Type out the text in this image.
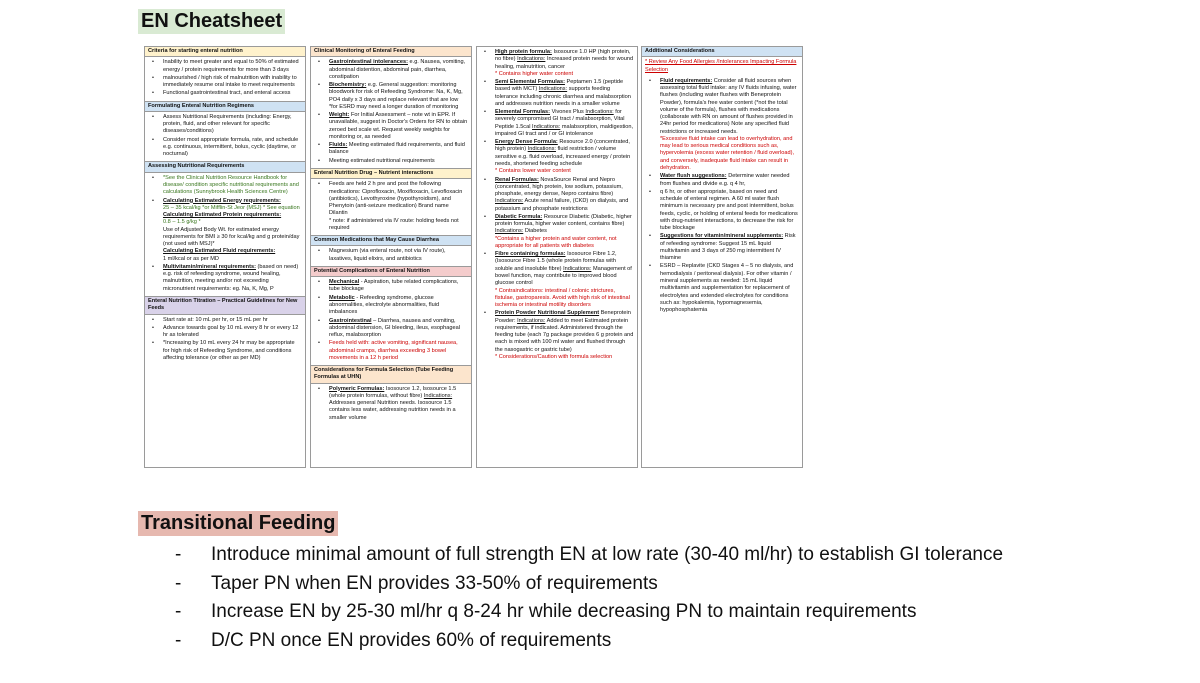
EN Cheatsheet
Criteria for starting enteral nutrition
• Inability to meet greater and equal to 50% of estimated energy / protein requirements for more than 3 days
• malnourished / high risk of malnutrition with inability to immediately resume oral intake to meet requirements
• Functional gastrointestinal tract, and enteral access
Formulating Enteral Nutrition Regimens
• Assess Nutritional Requirements (including: Energy, protein, fluid, and other relevant for specific diseases/conditions)
• Consider most appropriate formula, rate, and schedule e.g. continuous, intermittent, bolus, cyclic (daytime, or nocturnal)
Assessing Nutritional Requirements
• *See the Clinical Nutrition Resource Handbook for disease/ condition specific nutritional requirements and calculations (Sunnybrook Health Sciences Centre)
• Calculating Estimated Energy requirements:
25 – 35 kcal/kg *or Mifflin-St Jeor (MSJ) * See equation
Calculating Estimated Protein requirements:
0.8 – 1.5 g/kg *
Use of Adjusted Body Wt. for estimated energy requirements for BMI ≥ 30 for kcal/kg and g protein/day (not used with MSJ)*
Calculating Estimated Fluid requirements:
1 ml/kcal or as per MD
• Multivitamin/mineral requirements: (based on need) e.g. risk of refeeding syndrome, wound healing, malnutrition, meeting and/or not exceeding micronutrient requirements: eg. Na, K, Mg, P
Enteral Nutrition Titration – Practical Guidelines for New Feeds
• Start rate at: 10 mL per hr, or 15 mL per hr
• Advance towards goal by 10 mL every 8 hr or every 12 hr as tolerated
• *Increasing by 10 mL every 24 hr may be appropriate for high risk of Refeeding Syndrome, and conditions affecting tolerance (or other as per MD)
Clinical Monitoring of Enteral Feeding
• Gastrointestinal intolerances: e.g. Nausea, vomiting, abdominal distention, abdominal pain, diarrhea, constipation
• Biochemistry: e.g. General suggestion: monitoring bloodwork for risk of Refeeding Syndrome: Na, K, Mg, PO4 daily x 3 days and replace relevant that are low *for ESRD may need a longer duration of monitoring
• Weight: For Initial Assessment – note wt in EPR. If unavailable, suggest in Doctor's Orders for RN to obtain zeroed bed scale wt. Request weekly weights for monitoring or, as needed
• Fluids: Meeting estimated fluid requirements, and fluid balance
• Meeting estimated nutritional requirements
Enteral Nutrition Drug – Nutrient interactions
• Feeds are held 2 h pre and post the following medications: Ciprofloxacin, Moxifloxacin, Levofloxacin (antibiotics), Levothyroxine (hypothyroidism), and Phenytoin (anti-seizure medication) Brand name Dilantin
* note: if administered via IV route: holding feeds not required
Common Medications that May Cause Diarrhea
• Magnesium (via enteral route, not via IV route), laxatives, liquid elixirs, and antibiotics
Potential Complications of Enteral Nutrition
• Mechanical - Aspiration, tube related complications, tube blockage
• Metabolic - Refeeding syndrome, glucose abnormalities, electrolyte abnormalities, fluid imbalances
• Gastrointestinal – Diarrhea, nausea and vomiting, abdominal distension, GI bleeding, ileus, esophageal reflux, malabsorption
• Feeds held with: active vomiting, significant nausea, abdominal cramps, diarrhea exceeding 3 bowel movements in a 12 h period
Considerations for Formula Selection (Tube Feeding Formulas at UHN)
• Polymeric Formulas: Isosource 1.2, Isosource 1.5 (whole protein formulas, without fibre) Indications: Addresses general Nutrition needs. Isosource 1.5 contains less water, addressing nutrition needs in a smaller volume
• High protein formula: Isosource 1.0 HP (high protein, no fibre) Indications: Increased protein needs for wound healing, malnutrition, cancer
* Contains higher water content
• Semi Elemental Formulas: Peptamen 1.5 (peptide based with MCT) Indications: supports feeding tolerance including chronic diarrhea and malabsorption and addresses nutrition needs in a smaller volume
• Elemental Formulas: Vivonex Plus Indications: for severely compromised GI tract / malabsorption, Vital Peptide 1.5cal Indications: malabsorption, maldigestion, impaired GI tract and / or GI intolerance
• Energy Dense Formula: Resource 2.0 (concentrated, high protein) Indications: fluid restriction / volume sensitive e.g. fluid overload, increased energy / protein needs, shortened feeding schedule
* Contains lower water content
• Renal Formulas: NovaSource Renal and Nepro (concentrated, high protein, low sodium, potassium, phosphate, energy dense, Nepro contains fibre) Indications: Acute renal failure, (CKD) on dialysis, and potassium and phosphate restrictions
• Diabetic Formula: Resource Diabetic (Diabetic, higher protein formula, higher water content, contains fibre) Indications: Diabetes
*Contains a higher protein and water content, not appropriate for all patients with diabetes
• Fibre containing formulas: Isosource Fibre 1.2, (Isosource Fibre 1.5 (whole protein formulas with soluble and insoluble fibre) Indications: Management of bowel function, may contribute to improved blood glucose control
* Contraindications: intestinal / colonic strictures, fistulae, gastroparesis. Avoid with high risk of intestinal ischemia or intestinal motility disorders
• Protein Powder Nutritional Supplement Beneprotein Powder: Indications: Added to meet Estimated protein requirements, if indicated. Administered through the feeding tube (each 7g package provides 6 g protein and each is mixed with 100 ml water and flushed through the nasogastric or gastric tube)
* Considerations/Caution with formula selection
Additional Considerations
* Review Any Food Allergies /Intolerances Impacting Formula Selection
• Fluid requirements: Consider all fluid sources when assessing total fluid intake: any IV fluids infusing, water flushes (including water flushes with Beneprotein Powder), formula's free water content (*not the total volume of the formula), flushes with medications (collaborate with RN on amount of flushes provided in 24hr period for medications) Note any specified fluid restrictions or increased needs.
*Excessive fluid intake can lead to overhydration, and may lead to serious medical conditions such as, hypervolemia (excess water retention / fluid overload), and conversely, inadequate fluid intake can result in dehydration.
• Water flush suggestions: Determine water needed from flushes and divide e.g. q 4 hr,
• q 6 hr, or other appropriate, based on need and schedule of enteral regimen. A 60 ml water flush minimum is necessary pre and post intermittent, bolus feeds, cyclic, or holding of enteral feeds for medications with drug-nutrient interactions, to decrease the risk for tube blockage
• Suggestions for vitamin/mineral supplements: Risk of refeeding syndrome: Suggest 15 mL liquid multivitamin and 3 days of 250 mg intermittent IV thiamine
• ESRD – Replavite (CKD Stages 4 – 5 no dialysis, and hemodialysis / peritoneal dialysis). For other vitamin / mineral supplements as needed: 15 mL liquid multivitamin and supplementation for replacement of electrolytes and extended electrolytes for conditions such as: hypokalemia, hypomagnesemia, hypophosphatemia
Transitional Feeding
- Introduce minimal amount of full strength EN at low rate (30-40 ml/hr) to establish GI tolerance
- Taper PN when EN provides 33-50% of requirements
- Increase EN by 25-30 ml/hr q 8-24 hr while decreasing PN to maintain requirements
- D/C PN once EN provides 60% of requirements
